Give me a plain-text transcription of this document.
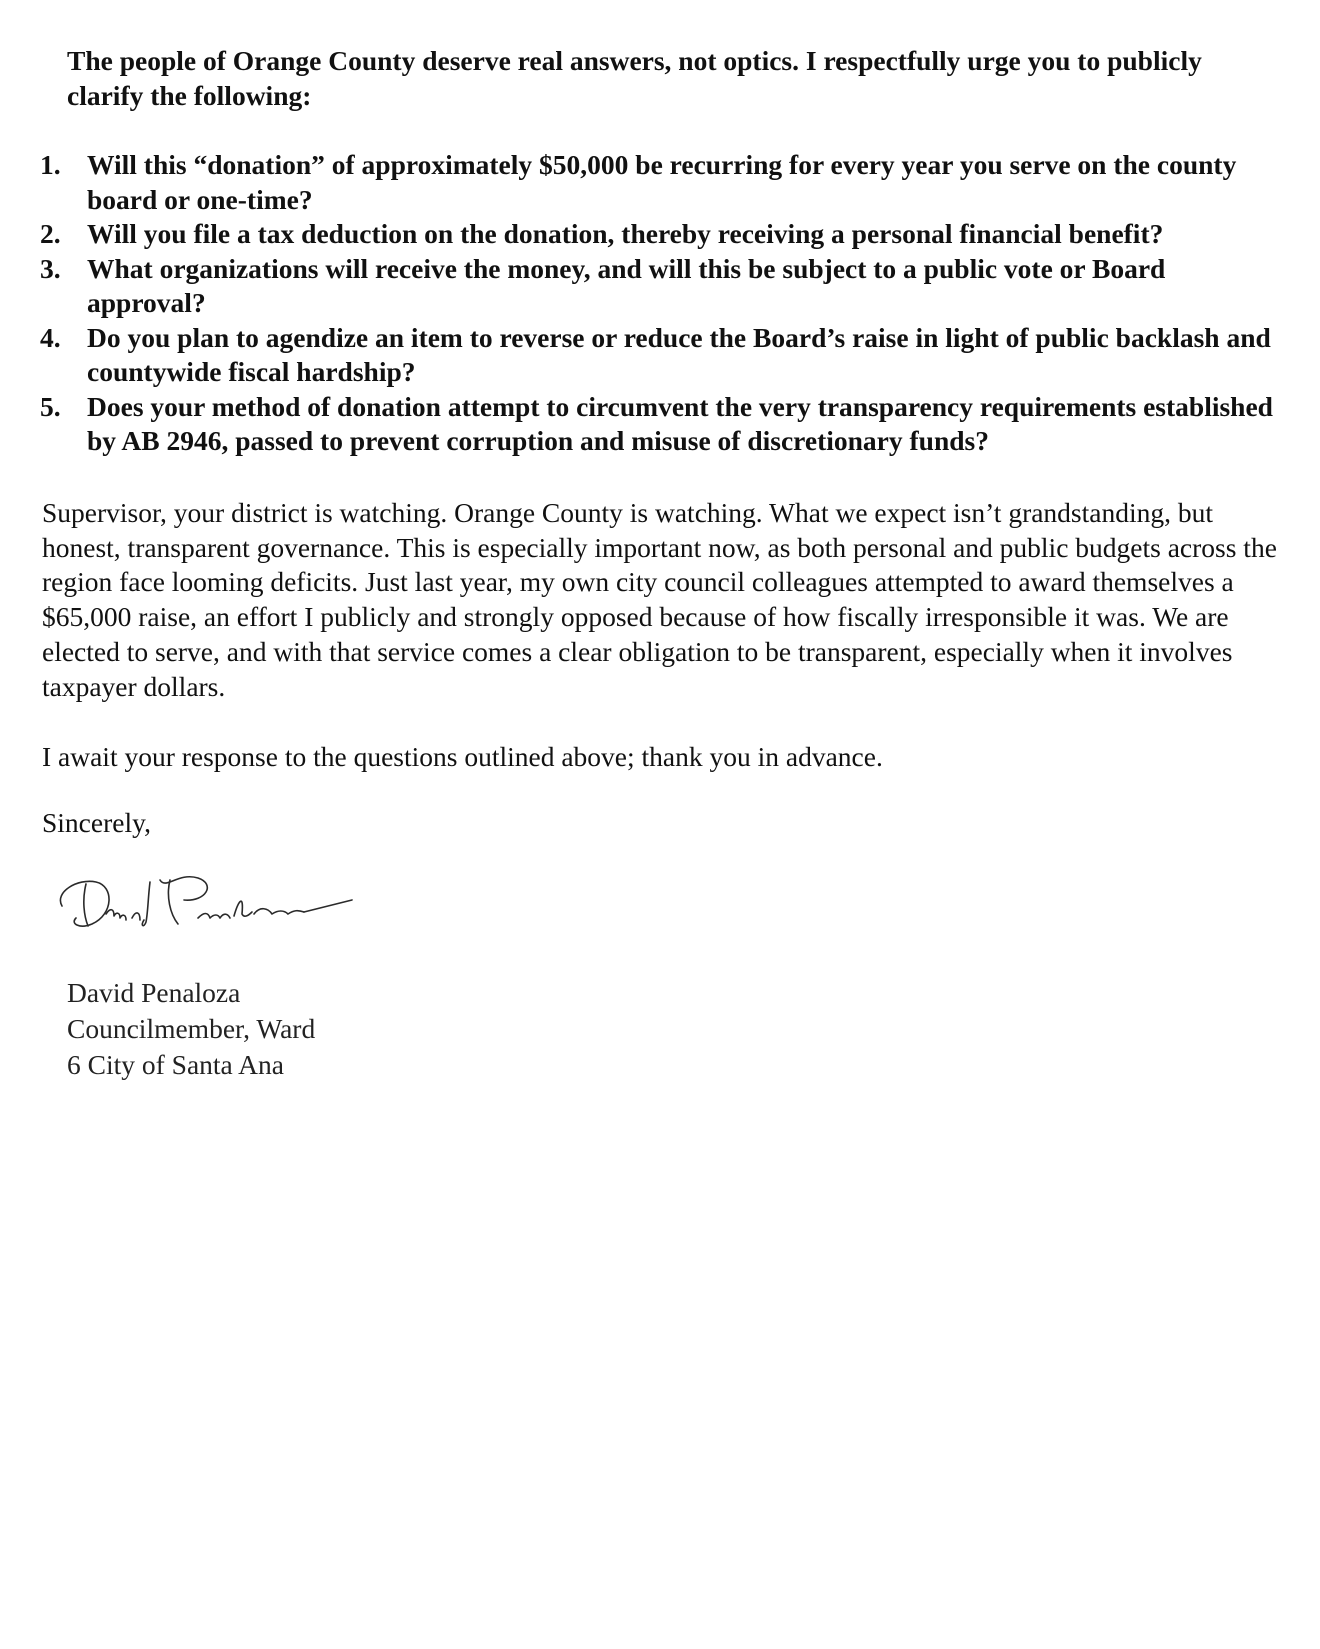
The people of Orange County deserve real answers, not optics. I respectfully urge you to publicly clarify the following:

1. Will this “donation” of approximately $50,000 be recurring for every year you serve on the county board or one-time?
2. Will you file a tax deduction on the donation, thereby receiving a personal financial benefit?
3. What organizations will receive the money, and will this be subject to a public vote or Board approval?
4. Do you plan to agendize an item to reverse or reduce the Board’s raise in light of public backlash and countywide fiscal hardship?
5. Does your method of donation attempt to circumvent the very transparency requirements established by AB 2946, passed to prevent corruption and misuse of discretionary funds?

Supervisor, your district is watching. Orange County is watching. What we expect isn’t grandstanding, but honest, transparent governance. This is especially important now, as both personal and public budgets across the region face looming deficits. Just last year, my own city council colleagues attempted to award themselves a $65,000 raise, an effort I publicly and strongly opposed because of how fiscally irresponsible it was. We are elected to serve, and with that service comes a clear obligation to be transparent, especially when it involves taxpayer dollars.

I await your response to the questions outlined above; thank you in advance.

Sincerely,

David Penaloza
Councilmember, Ward
6 City of Santa Ana
